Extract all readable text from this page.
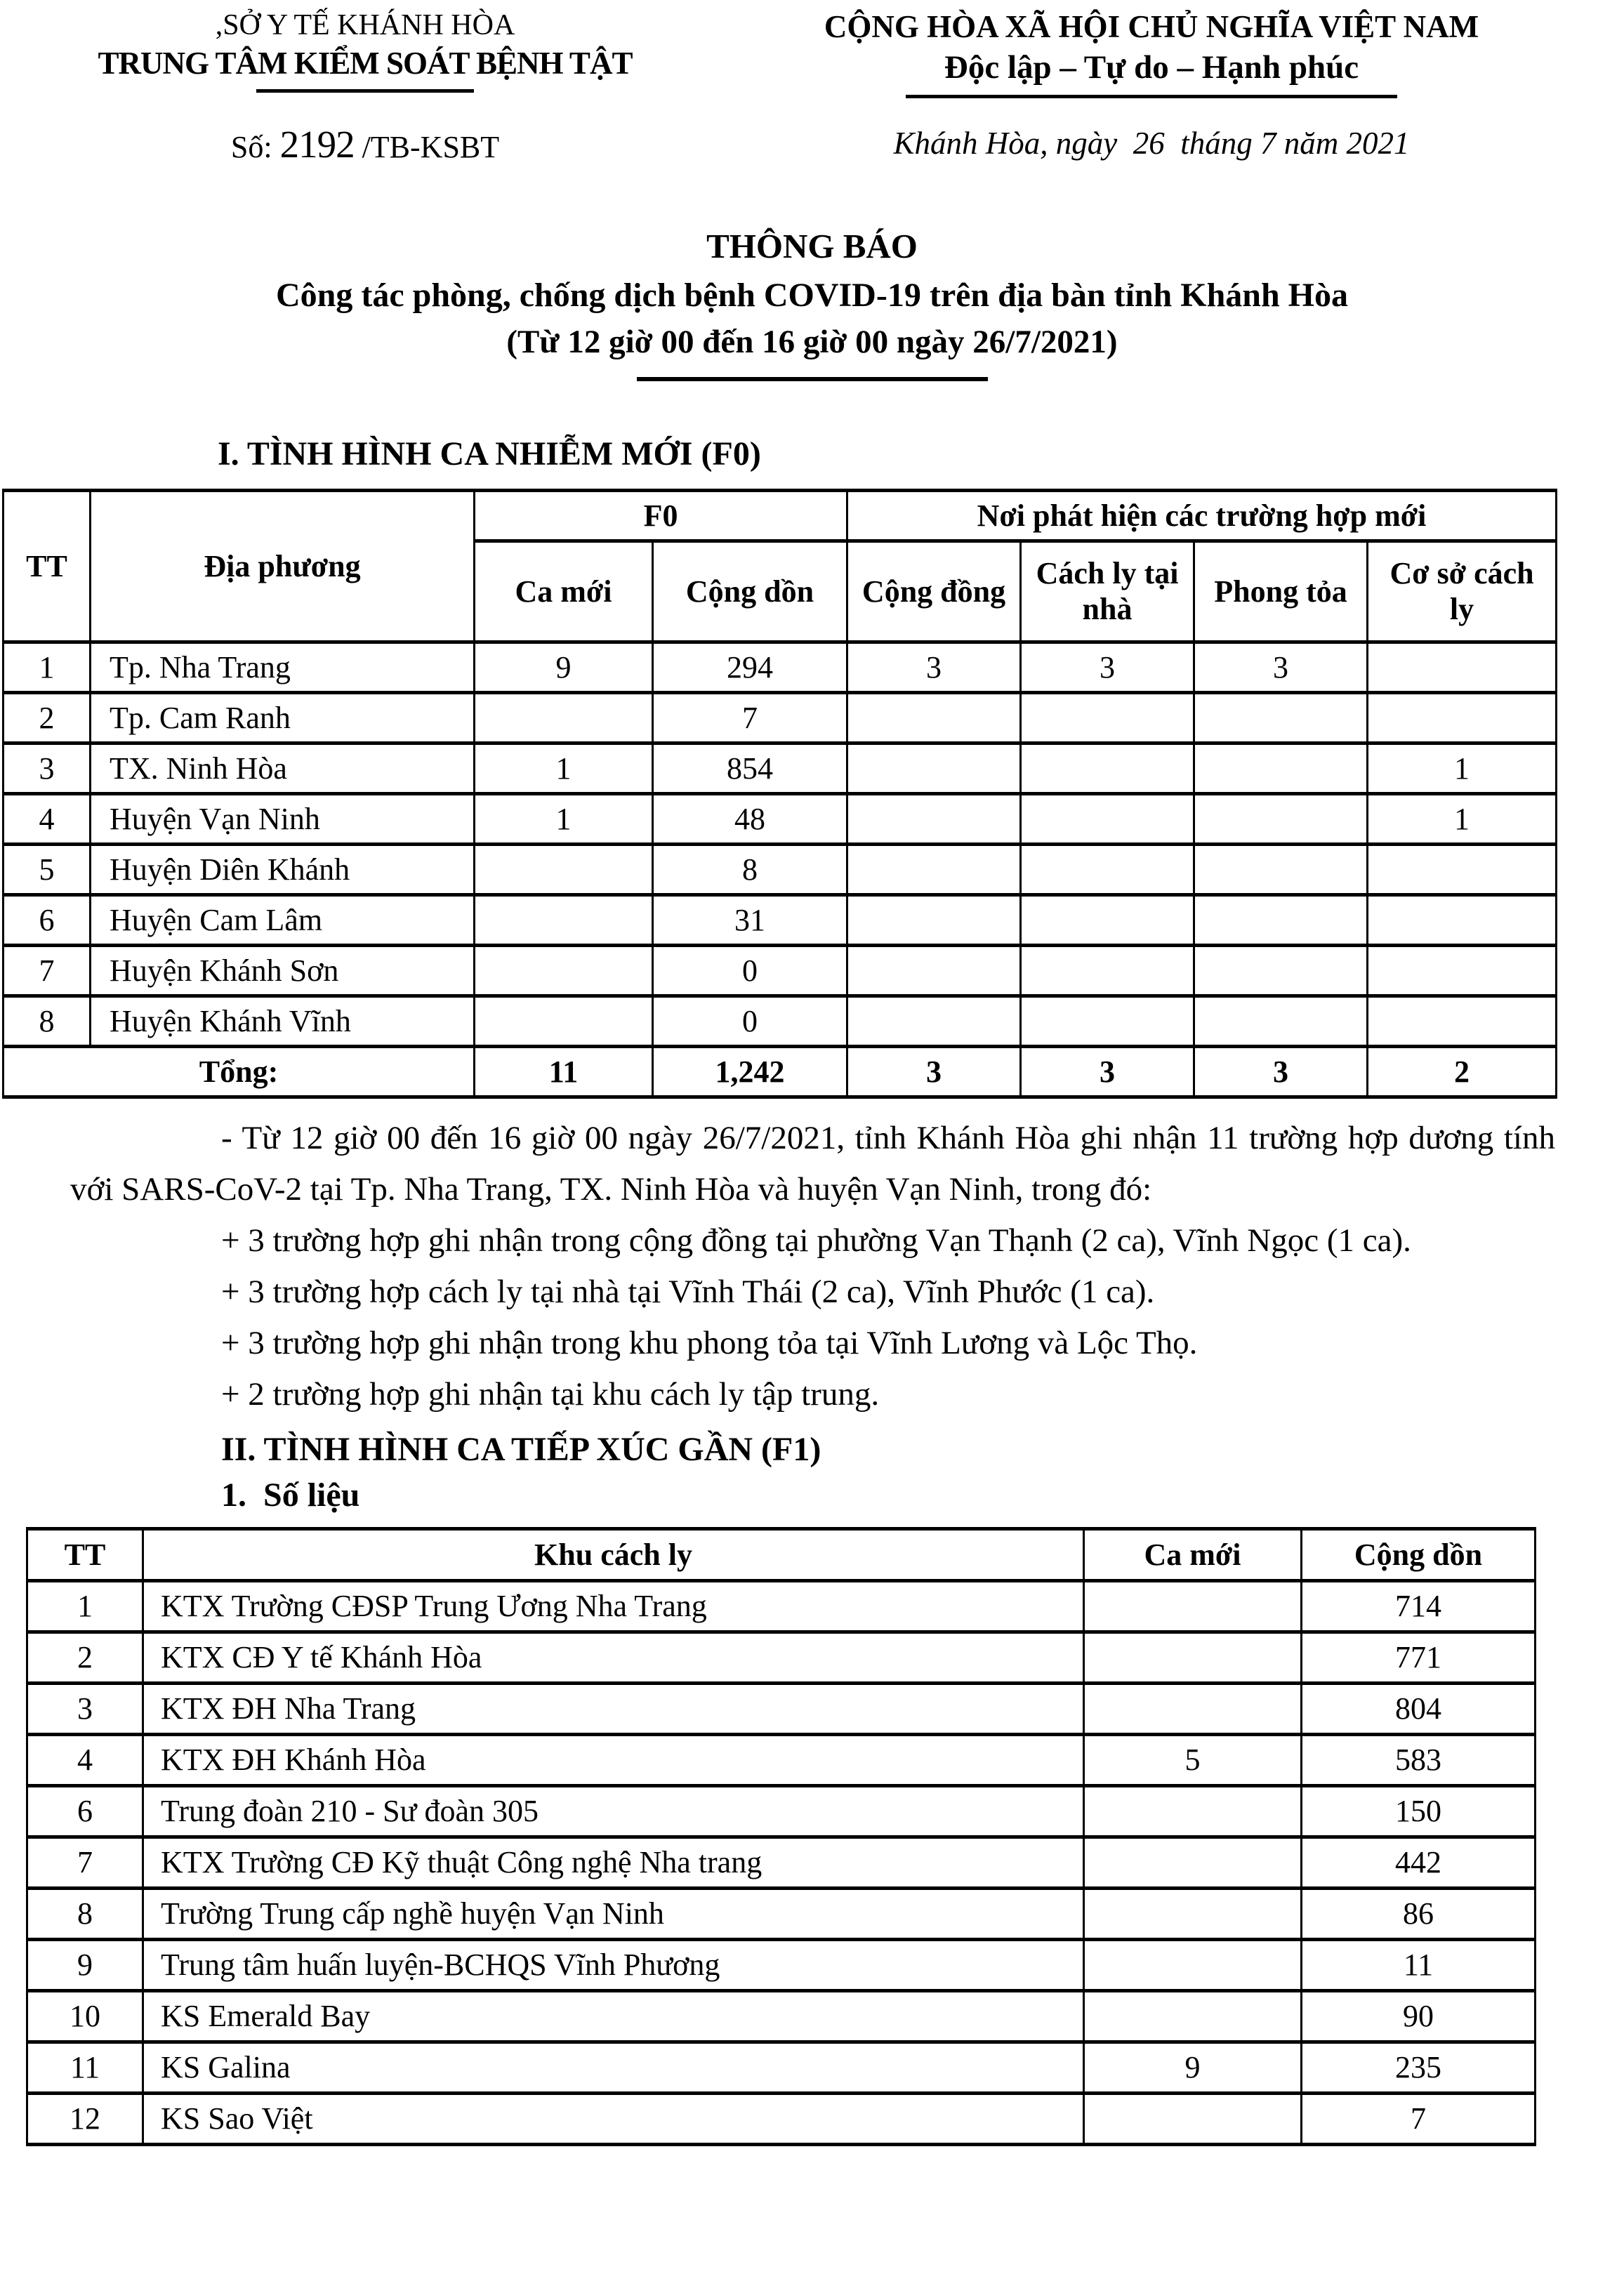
,SỞ Y TẾ KHÁNH HÒA
TRUNG TÂM KIỂM SOÁT BỆNH TẬT
Số: 2192 /TB-KSBT
CỘNG HÒA XÃ HỘI CHỦ NGHĨA VIỆT NAM
Độc lập – Tự do – Hạnh phúc
Khánh Hòa, ngày  26  tháng 7 năm 2021
THÔNG BÁO
Công tác phòng, chống dịch bệnh COVID-19 trên địa bàn tỉnh Khánh Hòa
(Từ 12 giờ 00 đến 16 giờ 00 ngày 26/7/2021)
I. TÌNH HÌNH CA NHIỄM MỚI (F0)
TT	Địa phương	F0		Nơi phát hiện các trường hợp mới			
		Ca mới	Cộng dồn	Cộng đồng	Cách ly tại nhà	Phong tỏa	Cơ sở cách ly
1	Tp. Nha Trang	9	294	3	3	3	
2	Tp. Cam Ranh		7				
3	TX. Ninh Hòa	1	854				1
4	Huyện Vạn Ninh	1	48				1
5	Huyện Diên Khánh		8				
6	Huyện Cam Lâm		31				
7	Huyện Khánh Sơn		0				
8	Huyện Khánh Vĩnh		0				
Tổng:		11	1,242	3	3	3	2

- Từ 12 giờ 00 đến 16 giờ 00 ngày 26/7/2021, tỉnh Khánh Hòa ghi nhận 11 trường hợp dương tính với SARS-CoV-2 tại Tp. Nha Trang, TX. Ninh Hòa và huyện Vạn Ninh, trong đó:

+ 3 trường hợp ghi nhận trong cộng đồng tại phường Vạn Thạnh (2 ca), Vĩnh Ngọc (1 ca).

+ 3 trường hợp cách ly tại nhà tại Vĩnh Thái (2 ca), Vĩnh Phước (1 ca).

+ 3 trường hợp ghi nhận trong khu phong tỏa tại Vĩnh Lương và Lộc Thọ.

+ 2 trường hợp ghi nhận tại khu cách ly tập trung.

II. TÌNH HÌNH CA TIẾP XÚC GẦN (F1)
1.  Số liệu
TT	Khu cách ly	Ca mới	Cộng dồn
1	KTX Trường CĐSP Trung Ương Nha Trang		714
2	KTX CĐ Y tế Khánh Hòa		771
3	KTX ĐH Nha Trang		804
4	KTX ĐH Khánh Hòa	5	583
6	Trung đoàn 210 - Sư đoàn 305		150
7	KTX Trường CĐ Kỹ thuật Công nghệ Nha trang		442
8	Trường Trung cấp nghề huyện Vạn Ninh		86
9	Trung tâm huấn luyện-BCHQS Vĩnh Phương		11
10	KS Emerald Bay		90
11	KS Galina	9	235
12	KS Sao Việt		7
